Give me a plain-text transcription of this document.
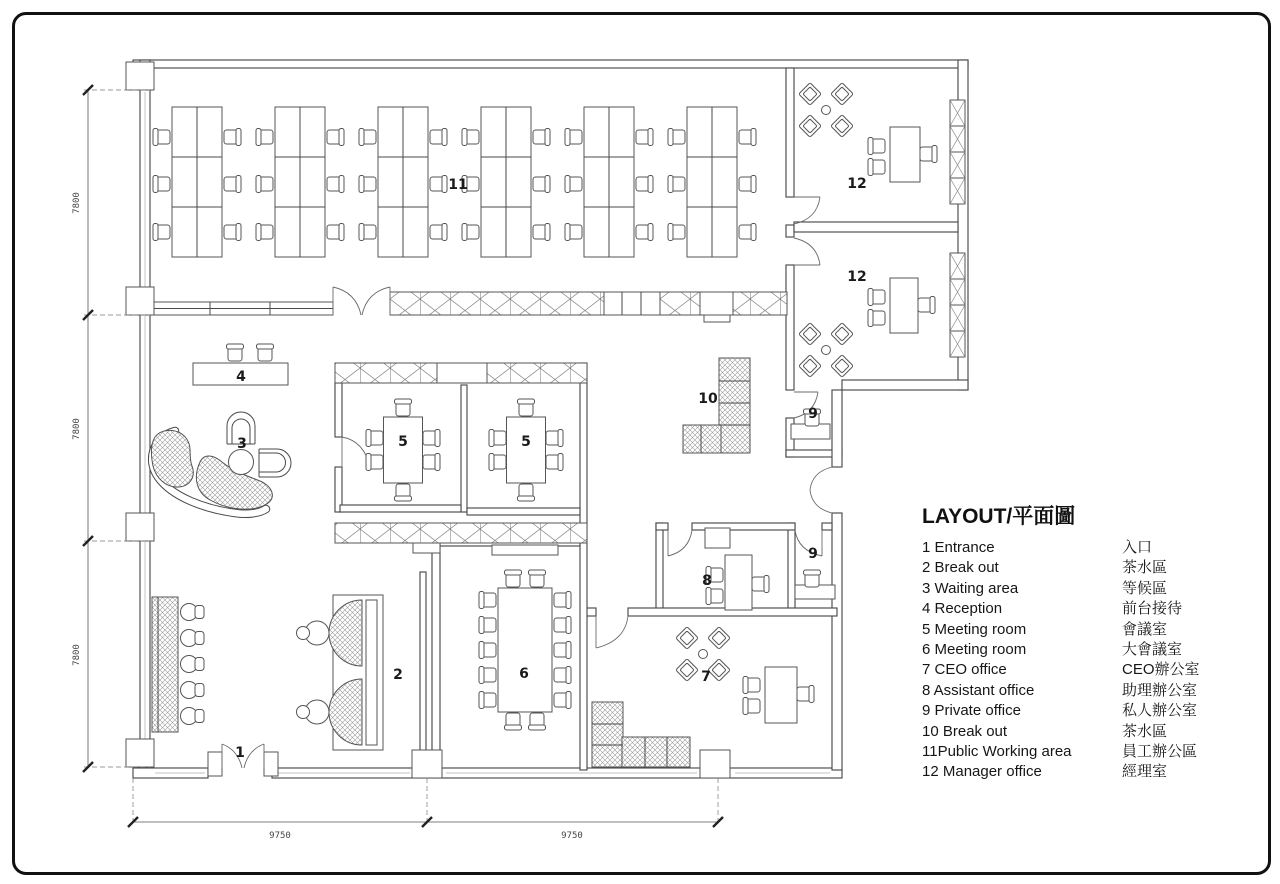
1
2
3
4
5	5
6	7
8
9
9
10
11	12
12
7800
7800
7800
9750	9750
LAYOUT/平面圖
1 Entrance	入口
2 Break out	茶水區
3 Waiting area	等候區
4 Reception	前台接待
5 Meeting room	會議室
6 Meeting room	大會議室
7 CEO office	CEO辦公室
8 Assistant office	助理辦公室
9 Private office	私人辦公室
10 Break out	茶水區
11Public Working area	員工辦公區
12 Manager office	經理室
